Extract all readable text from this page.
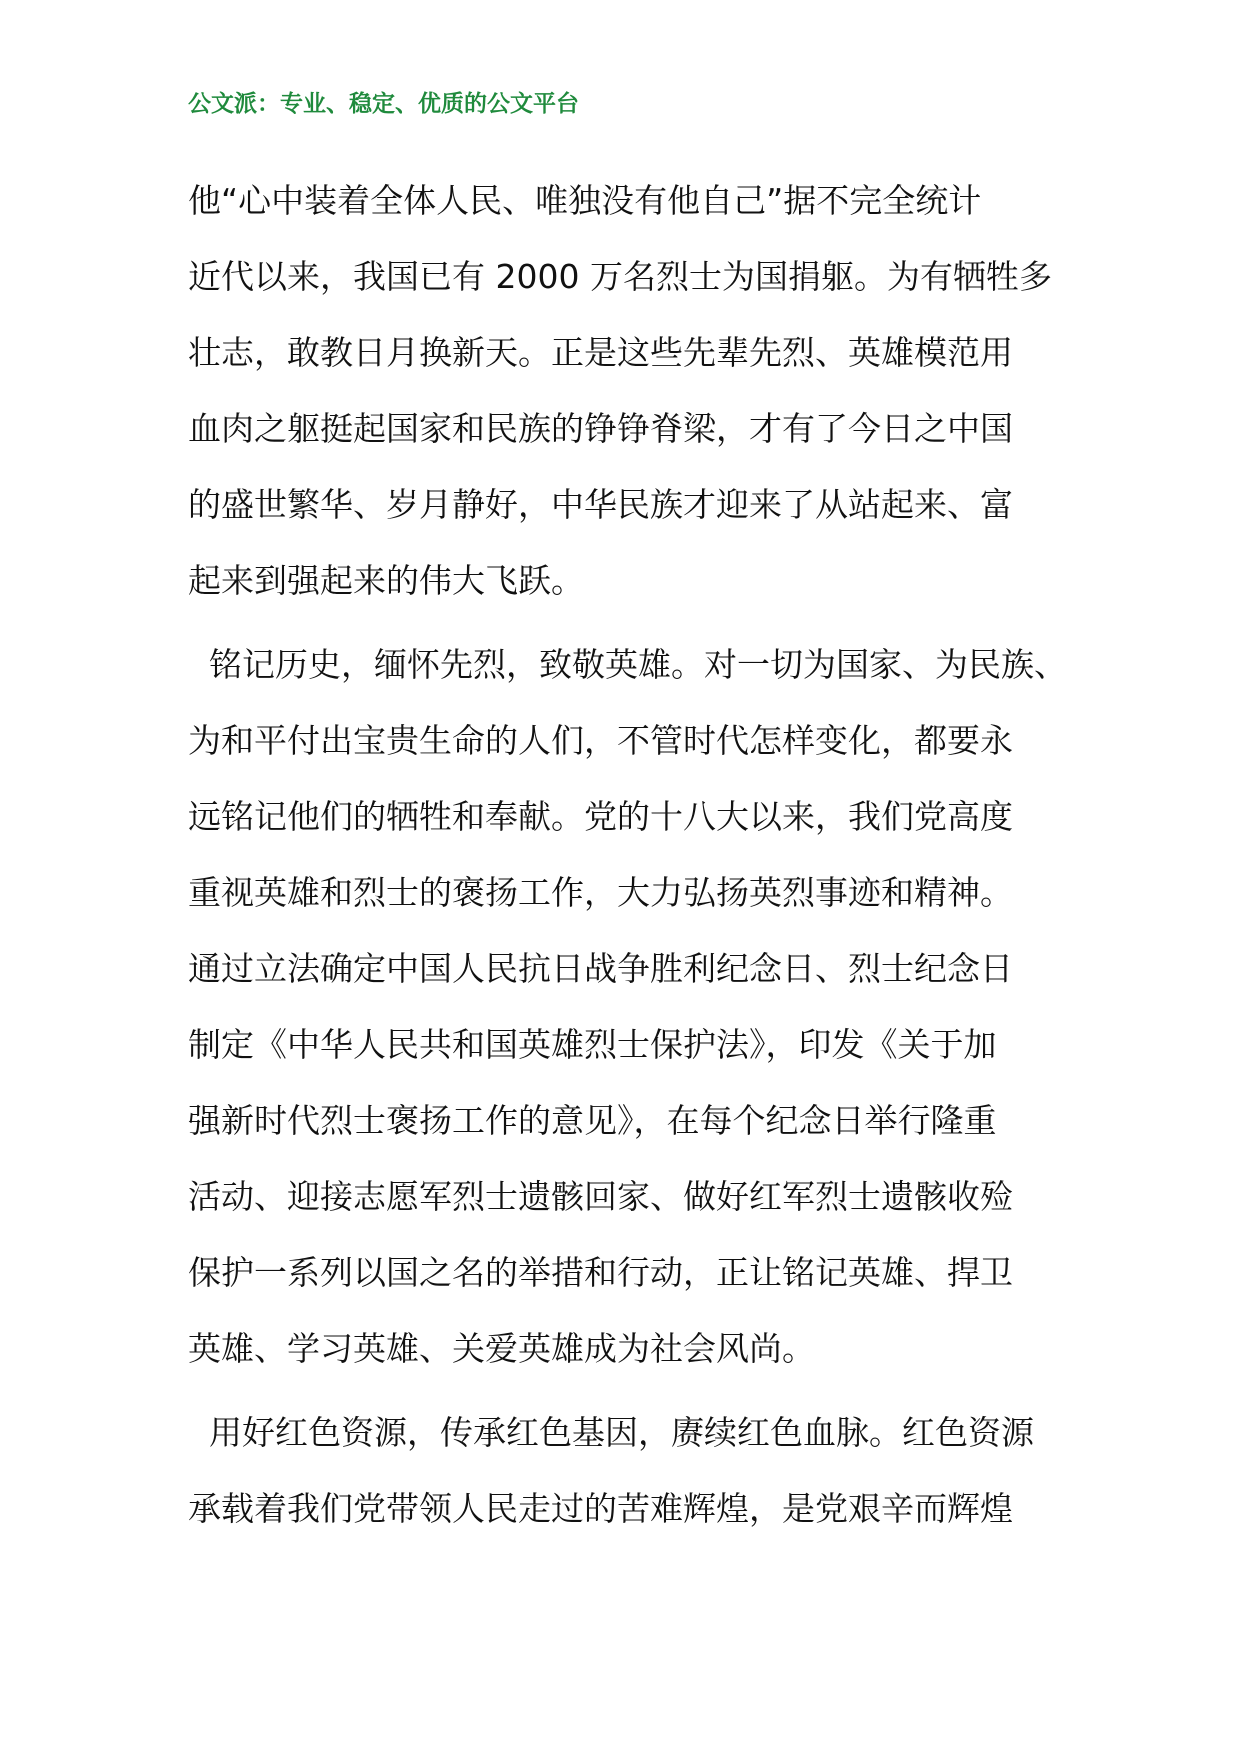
公文派：专业、稳定、优质的公文平台

他“心中装着全体人民、唯独没有他自己”据不完全统计
近代以来，我国已有 2000 万名烈士为国捐躯。为有牺牲多
壮志，敢教日月换新天。正是这些先辈先烈、英雄模范用
血肉之躯挺起国家和民族的铮铮脊梁，才有了今日之中国
的盛世繁华、岁月静好，中华民族才迎来了从站起来、富
起来到强起来的伟大飞跃。

铭记历史，缅怀先烈，致敬英雄。对一切为国家、为民族、
为和平付出宝贵生命的人们，不管时代怎样变化，都要永
远铭记他们的牺牲和奉献。党的十八大以来，我们党高度
重视英雄和烈士的褒扬工作，大力弘扬英烈事迹和精神。
通过立法确定中国人民抗日战争胜利纪念日、烈士纪念日
制定《中华人民共和国英雄烈士保护法》，印发《关于加
强新时代烈士褒扬工作的意见》，在每个纪念日举行隆重
活动、迎接志愿军烈士遗骸回家、做好红军烈士遗骸收殓
保护一系列以国之名的举措和行动，正让铭记英雄、捍卫
英雄、学习英雄、关爱英雄成为社会风尚。

用好红色资源，传承红色基因，赓续红色血脉。红色资源
承载着我们党带领人民走过的苦难辉煌，是党艰辛而辉煌
